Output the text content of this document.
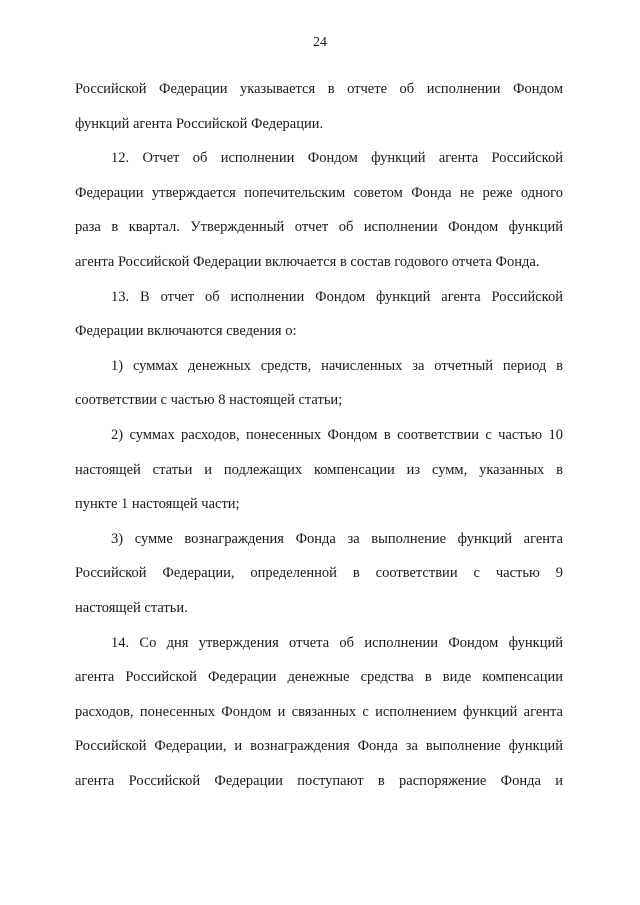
24
Российской Федерации указывается в отчете об исполнении Фондом
функций агента Российской Федерации.
12. Отчет об исполнении Фондом функций агента Российской
Федерации утверждается попечительским советом Фонда не реже одного
раза в квартал. Утвержденный отчет об исполнении Фондом функций
агента Российской Федерации включается в состав годового отчета Фонда.
13. В отчет об исполнении Фондом функций агента Российской
Федерации включаются сведения о:
1) суммах денежных средств, начисленных за отчетный период в
соответствии с частью 8 настоящей статьи;
2) суммах расходов, понесенных Фондом в соответствии с частью 10
настоящей статьи и подлежащих компенсации из сумм, указанных в
пункте 1 настоящей части;
3) сумме вознаграждения Фонда за выполнение функций агента
Российской Федерации, определенной в соответствии с частью 9
настоящей статьи.
14. Со дня утверждения отчета об исполнении Фондом функций
агента Российской Федерации денежные средства в виде компенсации
расходов, понесенных Фондом и связанных с исполнением функций агента
Российской Федерации, и вознаграждения Фонда за выполнение функций
агента Российской Федерации поступают в распоряжение Фонда и
